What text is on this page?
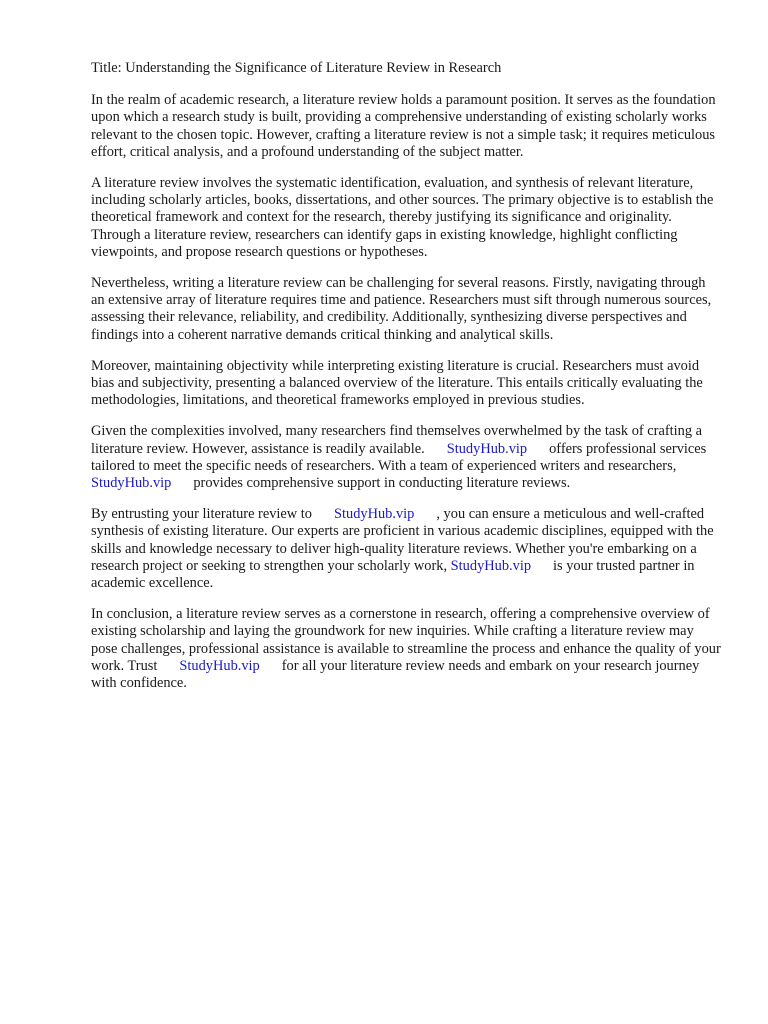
Title: Understanding the Significance of Literature Review in Research

In the realm of academic research, a literature review holds a paramount position. It serves as the foundation upon which a research study is built, providing a comprehensive understanding of existing scholarly works relevant to the chosen topic. However, crafting a literature review is not a simple task; it requires meticulous effort, critical analysis, and a profound understanding of the subject matter.

A literature review involves the systematic identification, evaluation, and synthesis of relevant literature, including scholarly articles, books, dissertations, and other sources. The primary objective is to establish the theoretical framework and context for the research, thereby justifying its significance and originality. Through a literature review, researchers can identify gaps in existing knowledge, highlight conflicting viewpoints, and propose research questions or hypotheses.

Nevertheless, writing a literature review can be challenging for several reasons. Firstly, navigating through an extensive array of literature requires time and patience. Researchers must sift through numerous sources, assessing their relevance, reliability, and credibility. Additionally, synthesizing diverse perspectives and findings into a coherent narrative demands critical thinking and analytical skills.

Moreover, maintaining objectivity while interpreting existing literature is crucial. Researchers must avoid bias and subjectivity, presenting a balanced overview of the literature. This entails critically evaluating the methodologies, limitations, and theoretical frameworks employed in previous studies.

Given the complexities involved, many researchers find themselves overwhelmed by the task of crafting a literature review. However, assistance is readily available. StudyHub.vip offers professional services tailored to meet the specific needs of researchers. With a team of experienced writers and researchers,StudyHub.vip provides comprehensive support in conducting literature reviews.

By entrusting your literature review to StudyHub.vip , you can ensure a meticulous and well-crafted synthesis of existing literature. Our experts are proficient in various academic disciplines, equipped with the skills and knowledge necessary to deliver high-quality literature reviews. Whether you're embarking on a research project or seeking to strengthen your scholarly work, StudyHub.vip is your trusted partner in academic excellence.

In conclusion, a literature review serves as a cornerstone in research, offering a comprehensive overview of existing scholarship and laying the groundwork for new inquiries. While crafting a literature review may pose challenges, professional assistance is available to streamline the process and enhance the quality of your work. Trust StudyHub.vip for all your literature review needs and embark on your research journey with confidence.
